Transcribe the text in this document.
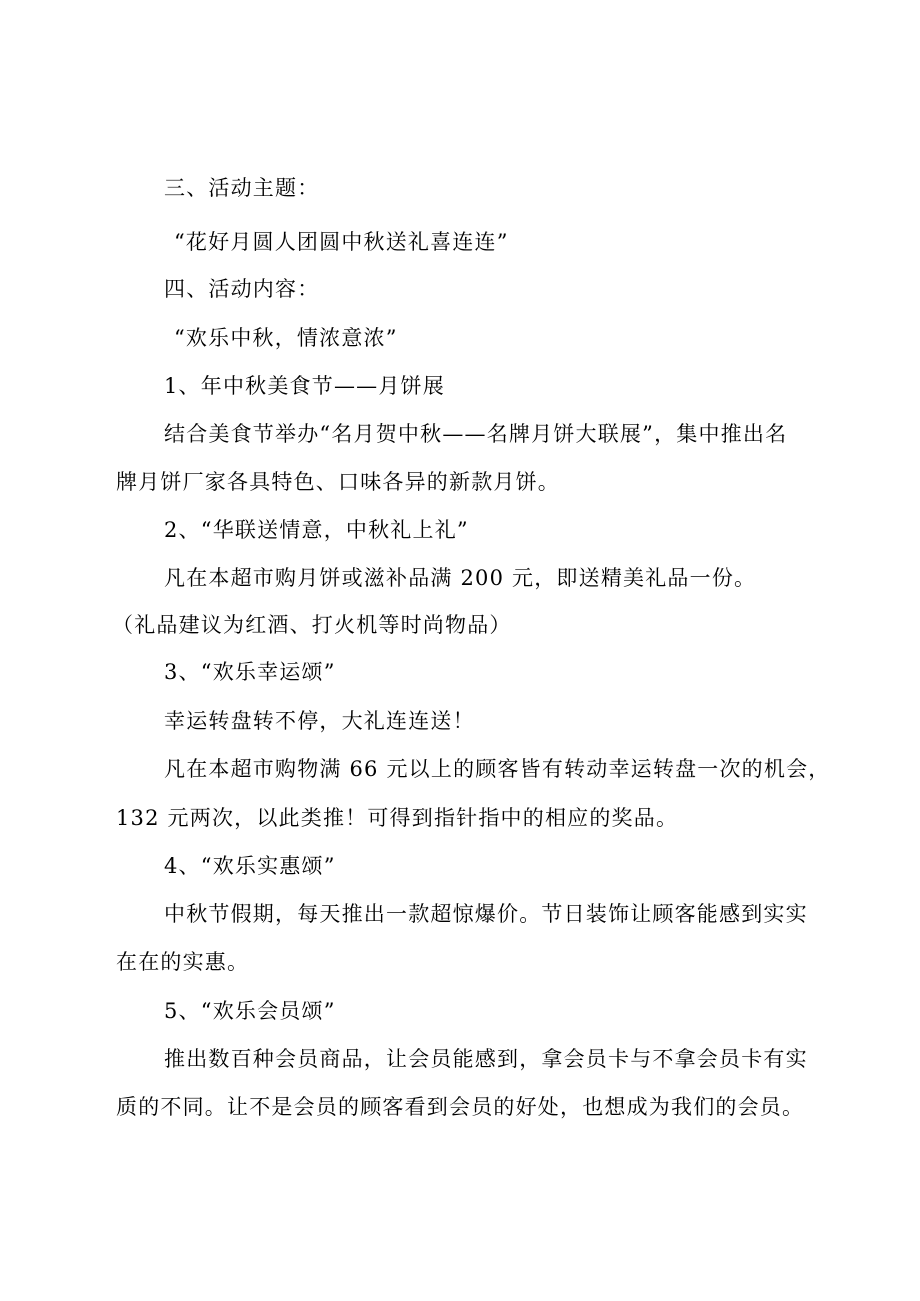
三、活动主题：
“花好月圆人团圆中秋送礼喜连连”
四、活动内容：
“欢乐中秋，情浓意浓”
1、年中秋美食节——月饼展
结合美食节举办“名月贺中秋——名牌月饼大联展”，集中推出名
牌月饼厂家各具特色、口味各异的新款月饼。
2、“华联送情意，中秋礼上礼”
凡在本超市购月饼或滋补品满 200 元，即送精美礼品一份。
（礼品建议为红酒、打火机等时尚物品）
3、“欢乐幸运颂”
幸运转盘转不停，大礼连连送！
凡在本超市购物满 66 元以上的顾客皆有转动幸运转盘一次的机会，
132 元两次，以此类推！可得到指针指中的相应的奖品。
4、“欢乐实惠颂”
中秋节假期，每天推出一款超惊爆价。节日装饰让顾客能感到实实
在在的实惠。
5、“欢乐会员颂”
推出数百种会员商品，让会员能感到，拿会员卡与不拿会员卡有实
质的不同。让不是会员的顾客看到会员的好处，也想成为我们的会员。
